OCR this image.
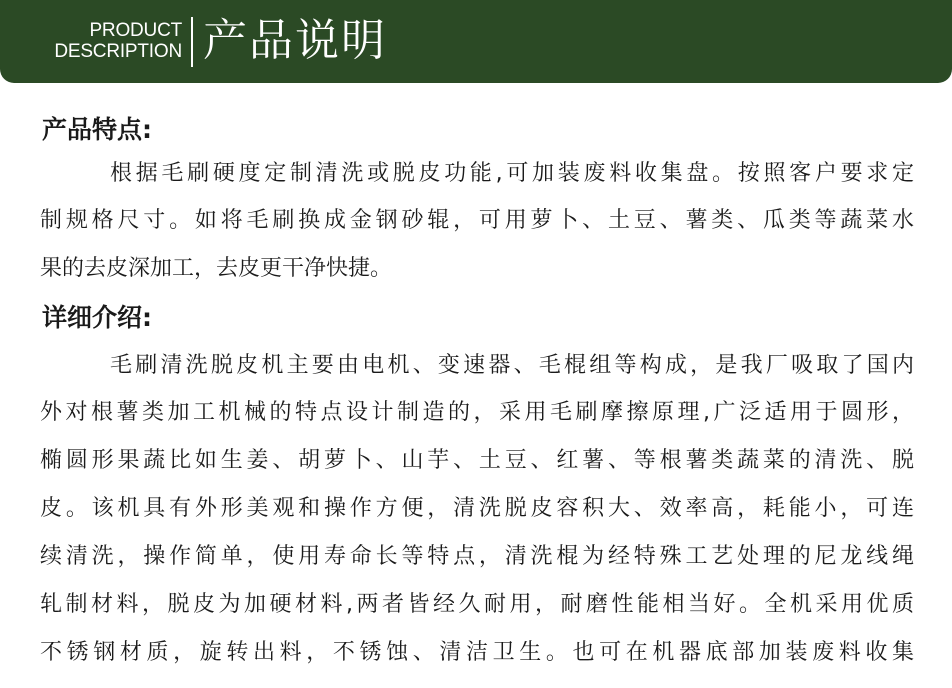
PRODUCT
DESCRIPTION 产品说明
产品特点:
根据毛刷硬度定制清洗或脱皮功能,可加装废料收集盘。按照客户要求定
制规格尺寸。如将毛刷换成金钢砂辊，可用萝卜、土豆、薯类、瓜类等蔬菜水
果的去皮深加工，去皮更干净快捷。
详细介绍:
毛刷清洗脱皮机主要由电机、变速器、毛棍组等构成，是我厂吸取了国内
外对根薯类加工机械的特点设计制造的，采用毛刷摩擦原理,广泛适用于圆形，
椭圆形果蔬比如生姜、胡萝卜、山芋、土豆、红薯、等根薯类蔬菜的清洗、脱
皮。该机具有外形美观和操作方便，清洗脱皮容积大、效率高，耗能小，可连
续清洗，操作简单，使用寿命长等特点，清洗棍为经特殊工艺处理的尼龙线绳
轧制材料，脱皮为加硬材料,两者皆经久耐用，耐磨性能相当好。全机采用优质
不锈钢材质，旋转出料，不锈蚀、清洁卫生。也可在机器底部加装废料收集
